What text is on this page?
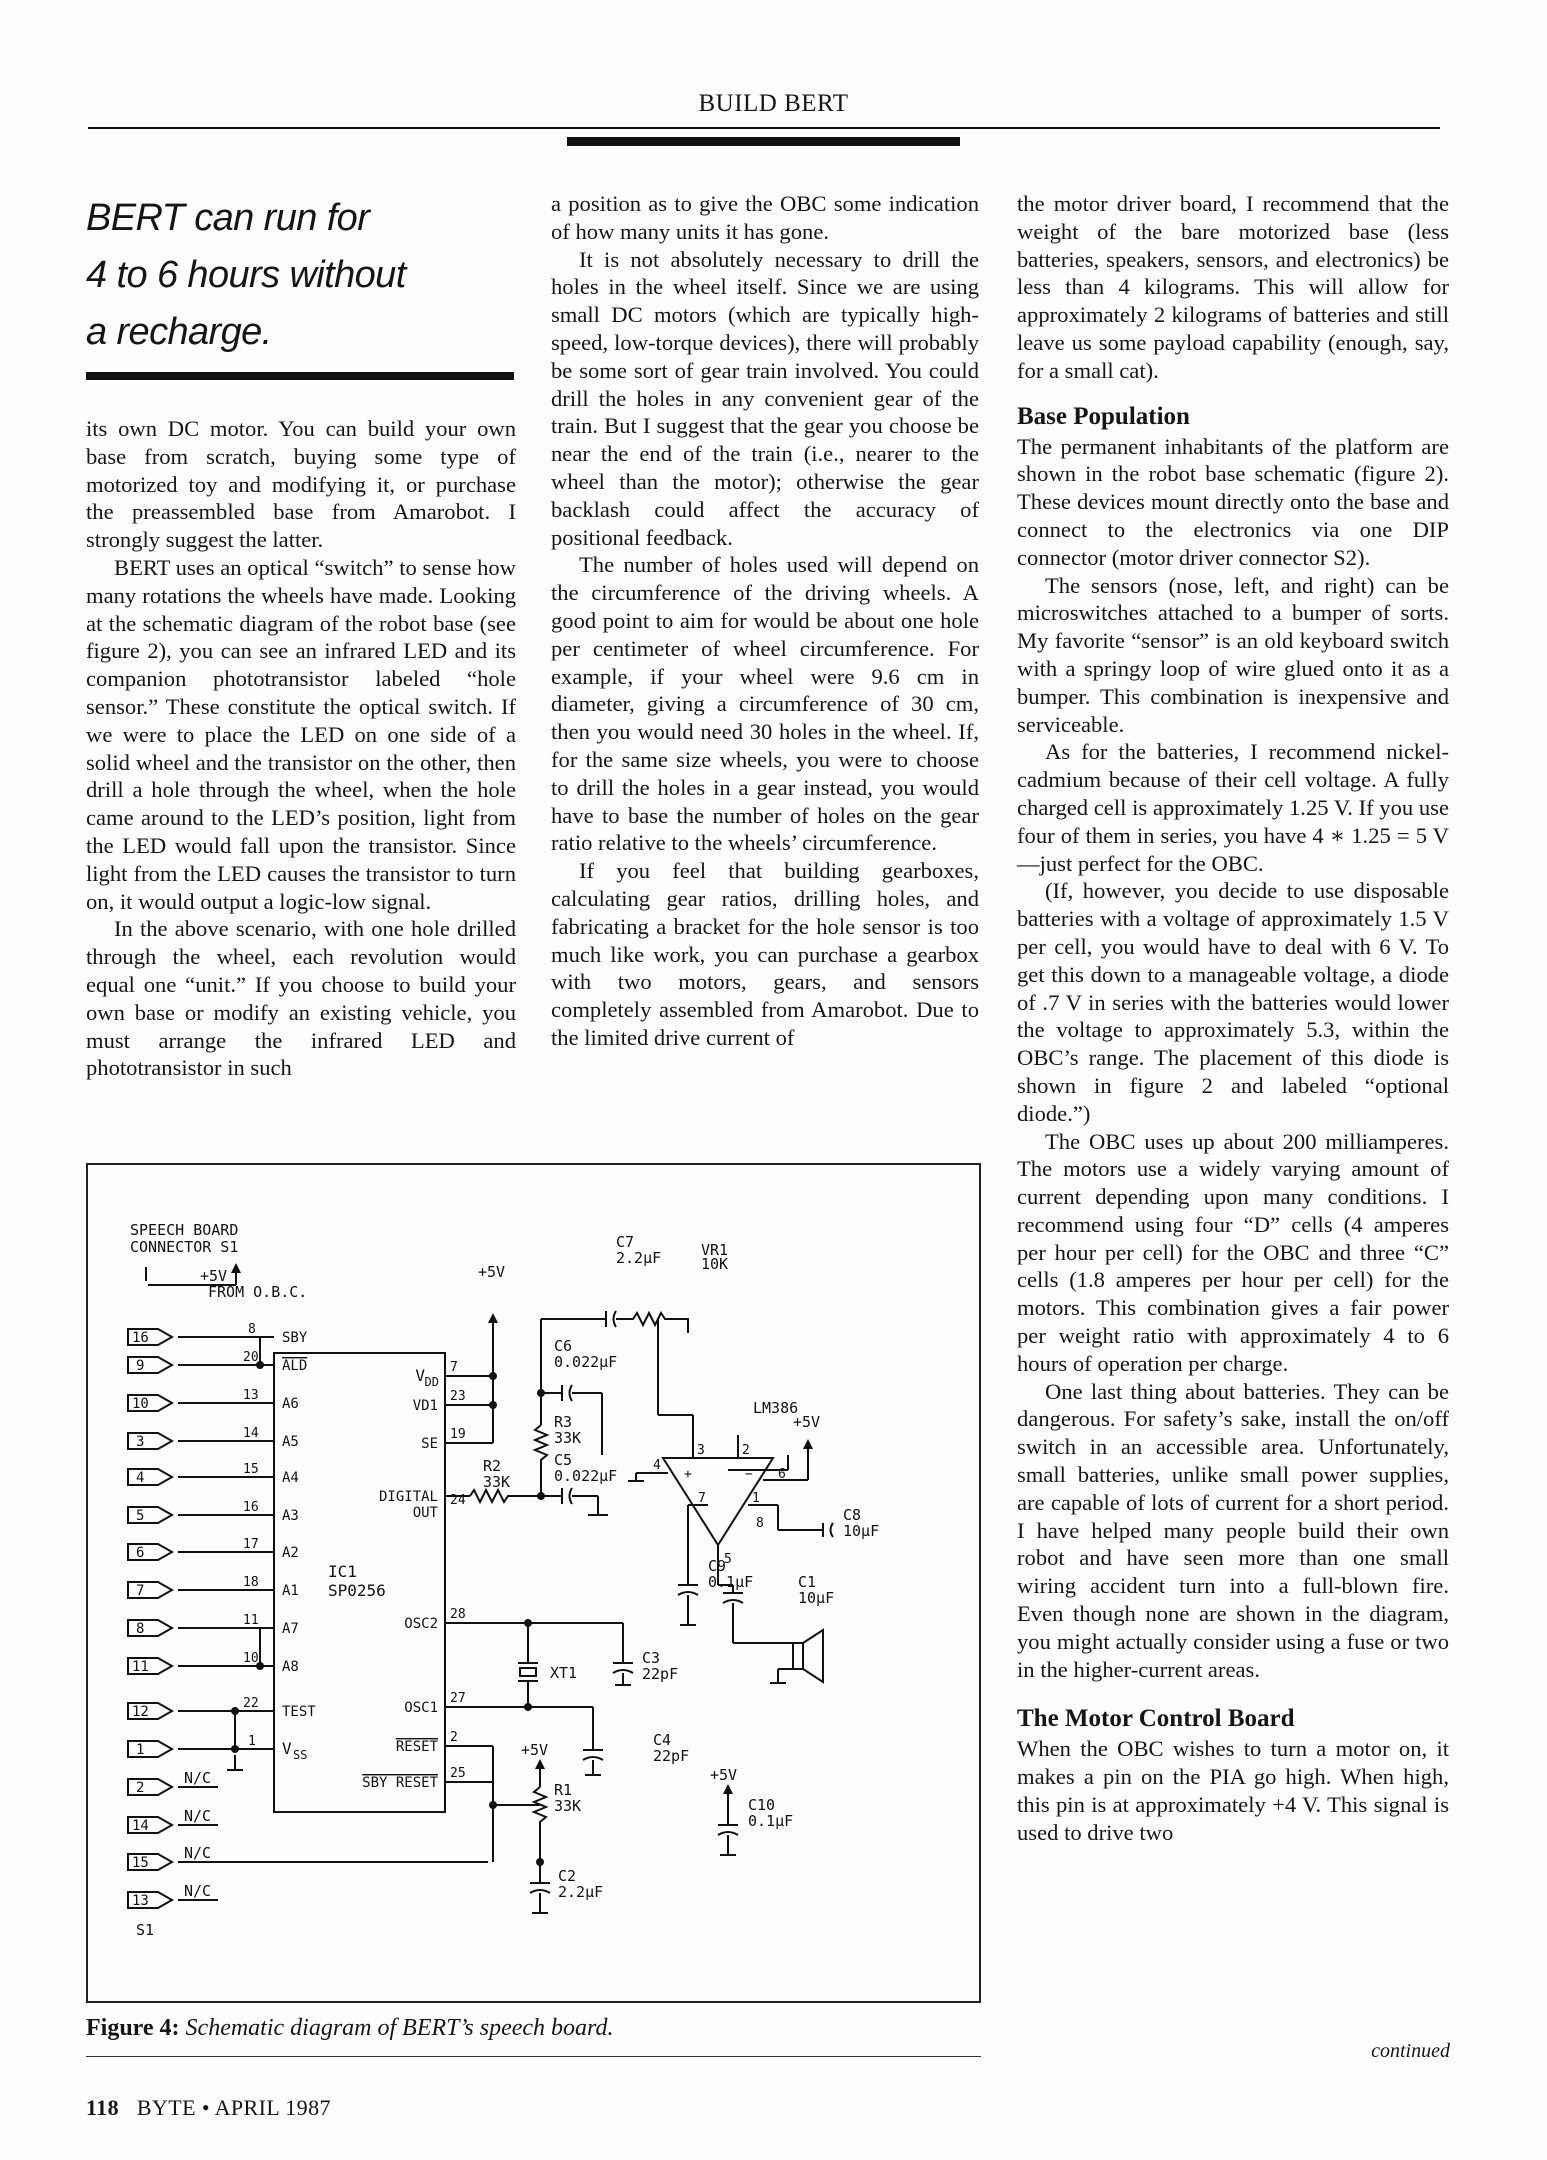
BUILD BERT
BERT can run for
4 to 6 hours without
a recharge.

its own DC motor. You can build your own base from scratch, buying some type of motorized toy and modifying it, or purchase the preassembled base from Amarobot. I strongly suggest the latter.

BERT uses an optical “switch” to sense how many rotations the wheels have made. Looking at the schematic diagram of the robot base (see figure 2), you can see an infrared LED and its companion phototransistor labeled “hole sensor.” These constitute the optical switch. If we were to place the LED on one side of a solid wheel and the transistor on the other, then drill a hole through the wheel, when the hole came around to the LED’s position, light from the LED would fall upon the transistor. Since light from the LED causes the transistor to turn on, it would output a logic-low signal.

In the above scenario, with one hole drilled through the wheel, each revolution would equal one “unit.” If you choose to build your own base or modify an existing vehicle, you must arrange the infrared LED and phototransistor in such

a position as to give the OBC some indication of how many units it has gone.

It is not absolutely necessary to drill the holes in the wheel itself. Since we are using small DC motors (which are typically high-speed, low-torque devices), there will probably be some sort of gear train involved. You could drill the holes in any convenient gear of the train. But I suggest that the gear you choose be near the end of the train (i.e., nearer to the wheel than the motor); otherwise the gear backlash could affect the accuracy of positional feedback.

The number of holes used will depend on the circumference of the driving wheels. A good point to aim for would be about one hole per centimeter of wheel circumference. For example, if your wheel were 9.6 cm in diameter, giving a circumference of 30 cm, then you would need 30 holes in the wheel. If, for the same size wheels, you were to choose to drill the holes in a gear instead, you would have to base the number of holes on the gear ratio relative to the wheels’ circumference.

If you feel that building gearboxes, calculating gear ratios, drilling holes, and fabricating a bracket for the hole sensor is too much like work, you can purchase a gearbox with two motors, gears, and sensors completely assembled from Amarobot. Due to the limited drive current of

the motor driver board, I recommend that the weight of the bare motorized base (less batteries, speakers, sensors, and electronics) be less than 4 kilograms. This will allow for approximately 2 kilograms of batteries and still leave us some payload capability (enough, say, for a small cat).

Base Population

The permanent inhabitants of the platform are shown in the robot base schematic (figure 2). These devices mount directly onto the base and connect to the electronics via one DIP connector (motor driver connector S2).

The sensors (nose, left, and right) can be microswitches attached to a bumper of sorts. My favorite “sensor” is an old keyboard switch with a springy loop of wire glued onto it as a bumper. This combination is inexpensive and serviceable.

As for the batteries, I recommend nickel-cadmium because of their cell voltage. A fully charged cell is approximately 1.25 V. If you use four of them in series, you have 4 ∗ 1.25 = 5 V—just perfect for the OBC.

(If, however, you decide to use disposable batteries with a voltage of approximately 1.5 V per cell, you would have to deal with 6 V. To get this down to a manageable voltage, a diode of .7 V in series with the batteries would lower the voltage to approximately 5.3, within the OBC’s range. The placement of this diode is shown in figure 2 and labeled “optional diode.”)

The OBC uses up about 200 milliamperes. The motors use a widely varying amount of current depending upon many conditions. I recommend using four “D” cells (4 amperes per hour per cell) for the OBC and three “C” cells (1.8 amperes per hour per cell) for the motors. This combination gives a fair power per weight ratio with approximately 4 to 6 hours of operation per charge.

One last thing about batteries. They can be dangerous. For safety’s sake, install the on/off switch in an accessible area. Unfortunately, small batteries, unlike small power supplies, are capable of lots of current for a short period. I have helped many people build their own robot and have seen more than one small wiring accident turn into a full-blown fire. Even though none are shown in the diagram, you might actually consider using a fuse or two in the higher-current areas.

The Motor Control Board

When the OBC wishes to turn a motor on, it makes a pin on the PIA go high. When high, this pin is at approximately +4 V. This signal is used to drive two

continued
16
9
10
3
4
5
6
7
8
11
12
1
2
14
15
13
SPEECH BOARD
CONNECTOR S1
+5V
FROM O.B.C.
S1
N/C
N/C
N/C
N/C
8
20
13
14
15
16
17
18
11
10
22
1
SBY
ALD
A6
A5
A4
A3
A2
A1
A7
A8
TEST
V SS
IC1
SP0256
7
23
19
24
28
27
2
25
V DD
VD1
SE
DIGITAL
OUT
OSC2
OSC1
RESET
SBY RESET
+5V
+5V
+5V
+5V
C7
2.2μF	VR1
10K
C6
0.022μF
R3
33K
C5
0.022μF
R2
33K
LM386
C8
10μF
C9
0.1μF	C1
10μF
XT1
C3
22pF
C4
22pF
R1
33K	C10
0.1μF
C2
2.2μF
3	2
6
4
7	1
8
5
+	−
Figure 4: Schematic diagram of BERT’s speech board.
118 BYTE • APRIL 1987
